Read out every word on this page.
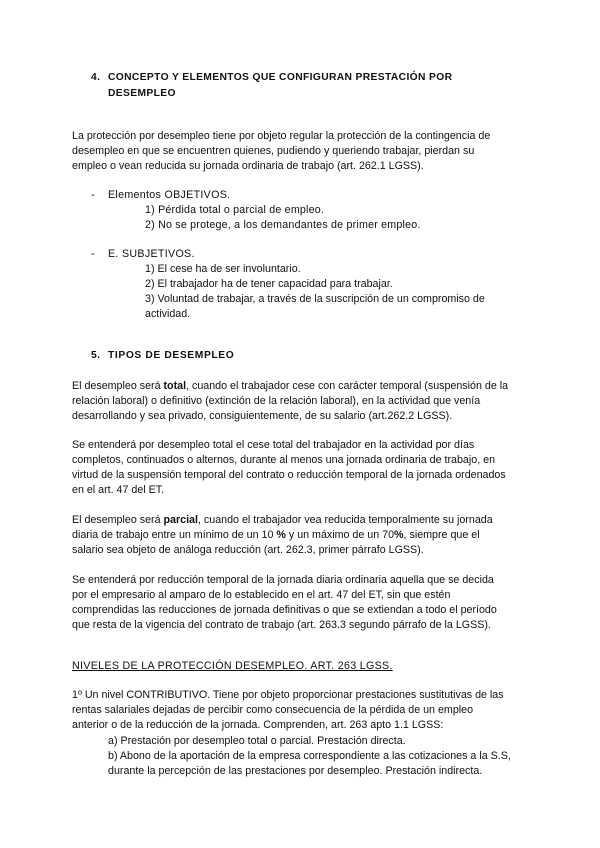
4. CONCEPTO Y ELEMENTOS QUE CONFIGURAN PRESTACIÓN POR
DESEMPLEO
La protección por desempleo tiene por objeto regular la protección de la contingencia de
desempleo en que se encuentren quienes, pudiendo y queriendo trabajar, pierdan su
empleo o vean reducida su jornada ordinaria de trabajo (art. 262.1 LGSS).
- Elementos OBJETIVOS.
1) Pérdida total o parcial de empleo.
2) No se protege, a los demandantes de primer empleo.
- E. SUBJETIVOS.
1) El cese ha de ser involuntario.
2) El trabajador ha de tener capacidad para trabajar.
3) Voluntad de trabajar, a través de la suscripción de un compromiso de
actividad.
5. TIPOS DE DESEMPLEO
El desempleo será total, cuando el trabajador cese con carácter temporal (suspensión de la
relación laboral) o definitivo (extinción de la relación laboral), en la actividad que venía
desarrollando y sea privado, consiguientemente, de su salario (art.262.2 LGSS).
Se entenderá por desempleo total el cese total del trabajador en la actividad por días
completos, continuados o alternos, durante al menos una jornada ordinaria de trabajo, en
virtud de la suspensión temporal del contrato o reducción temporal de la jornada ordenados
en el art. 47 del ET.
El desempleo será parcial, cuando el trabajador vea reducida temporalmente su jornada
diaria de trabajo entre un mínimo de un 10 % y un máximo de un 70%, siempre que el
salario sea objeto de análoga reducción (art. 262.3, primer párrafo LGSS).
Se entenderá por reducción temporal de la jornada diaria ordinaria aquella que se decida
por el empresario al amparo de lo establecido en el art. 47 del ET, sin que estén
comprendidas las reducciones de jornada definitivas o que se extiendan a todo el período
que resta de la vigencia del contrato de trabajo (art. 263.3 segundo párrafo de la LGSS).
NIVELES DE LA PROTECCIÓN DESEMPLEO. ART. 263 LGSS.
1º Un nivel CONTRIBUTIVO. Tiene por objeto proporcionar prestaciones sustitutivas de las
rentas salariales dejadas de percibir como consecuencia de la pérdida de un empleo
anterior o de la reducción de la jornada. Comprenden, art. 263 apto 1.1 LGSS:
a) Prestación por desempleo total o parcial. Prestación directa.
b) Abono de la aportación de la empresa correspondiente a las cotizaciones a la S.S,
durante la percepción de las prestaciones por desempleo. Prestación indirecta.
